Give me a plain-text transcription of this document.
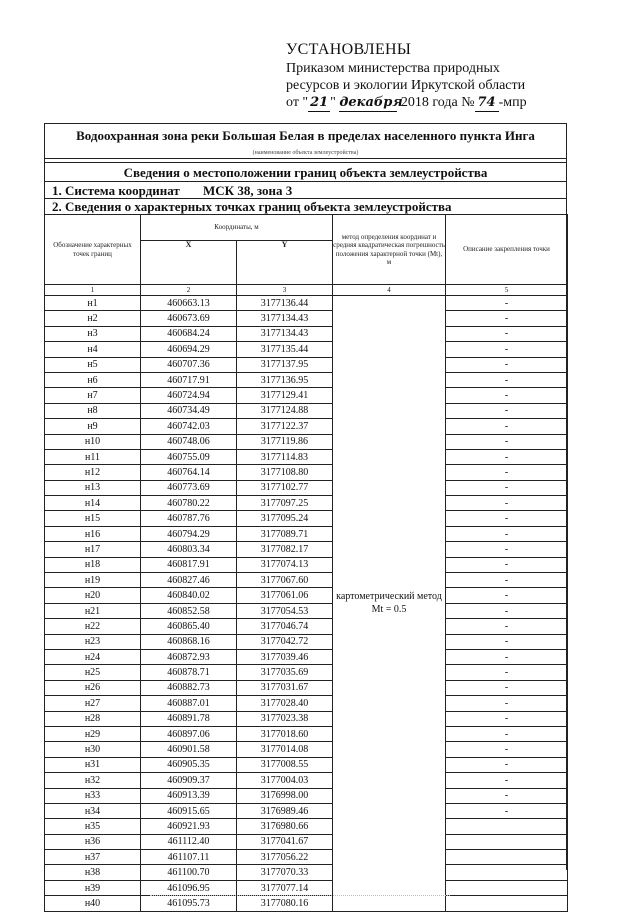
УСТАНОВЛЕНЫ
Приказом министерства природных
ресурсов и экологии Иркутской области
от " 21 " декабря 2018 года № 74 -мпр
Водоохранная зона реки Большая Белая в пределах населенного пункта Инга
(наименование объекта землеустройства)
Сведения о местоположении границ объекта землеустройства
1. Система координат МСК 38, зона 3
2. Сведения о характерных точках границ объекта землеустройства
Обозначение характерных точек границ	Координаты, м		метод определения координат и средняя квадратическая погрешность положения характерной точки (Mt), м	Описание закрепления точки
	X	Y		
1	2	3	4	5
н1	460663.13	3177136.44	картометрический метод Mt = 0.5	-
н2	460673.69	3177134.43		-
н3	460684.24	3177134.43		-
н4	460694.29	3177135.44		-
н5	460707.36	3177137.95		-
н6	460717.91	3177136.95		-
н7	460724.94	3177129.41		-
н8	460734.49	3177124.88		-
н9	460742.03	3177122.37		-
н10	460748.06	3177119.86		-
н11	460755.09	3177114.83		-
н12	460764.14	3177108.80		-
н13	460773.69	3177102.77		-
н14	460780.22	3177097.25		-
н15	460787.76	3177095.24		-
н16	460794.29	3177089.71		-
н17	460803.34	3177082.17		-
н18	460817.91	3177074.13		-
н19	460827.46	3177067.60		-
н20	460840.02	3177061.06		-
н21	460852.58	3177054.53		-
н22	460865.40	3177046.74		-
н23	460868.16	3177042.72		-
н24	460872.93	3177039.46		-
н25	460878.71	3177035.69		-
н26	460882.73	3177031.67		-
н27	460887.01	3177028.40		-
н28	460891.78	3177023.38		-
н29	460897.06	3177018.60		-
н30	460901.58	3177014.08		-
н31	460905.35	3177008.55		-
н32	460909.37	3177004.03		-
н33	460913.39	3176998.00		-
н34	460915.65	3176989.46		-
н35	460921.93	3176980.66		
н36	461112.40	3177041.67		
н37	461107.11	3177056.22		
н38	461100.70	3177070.33		
н39	461096.95	3177077.14		
н40	461095.73	3177080.16		
